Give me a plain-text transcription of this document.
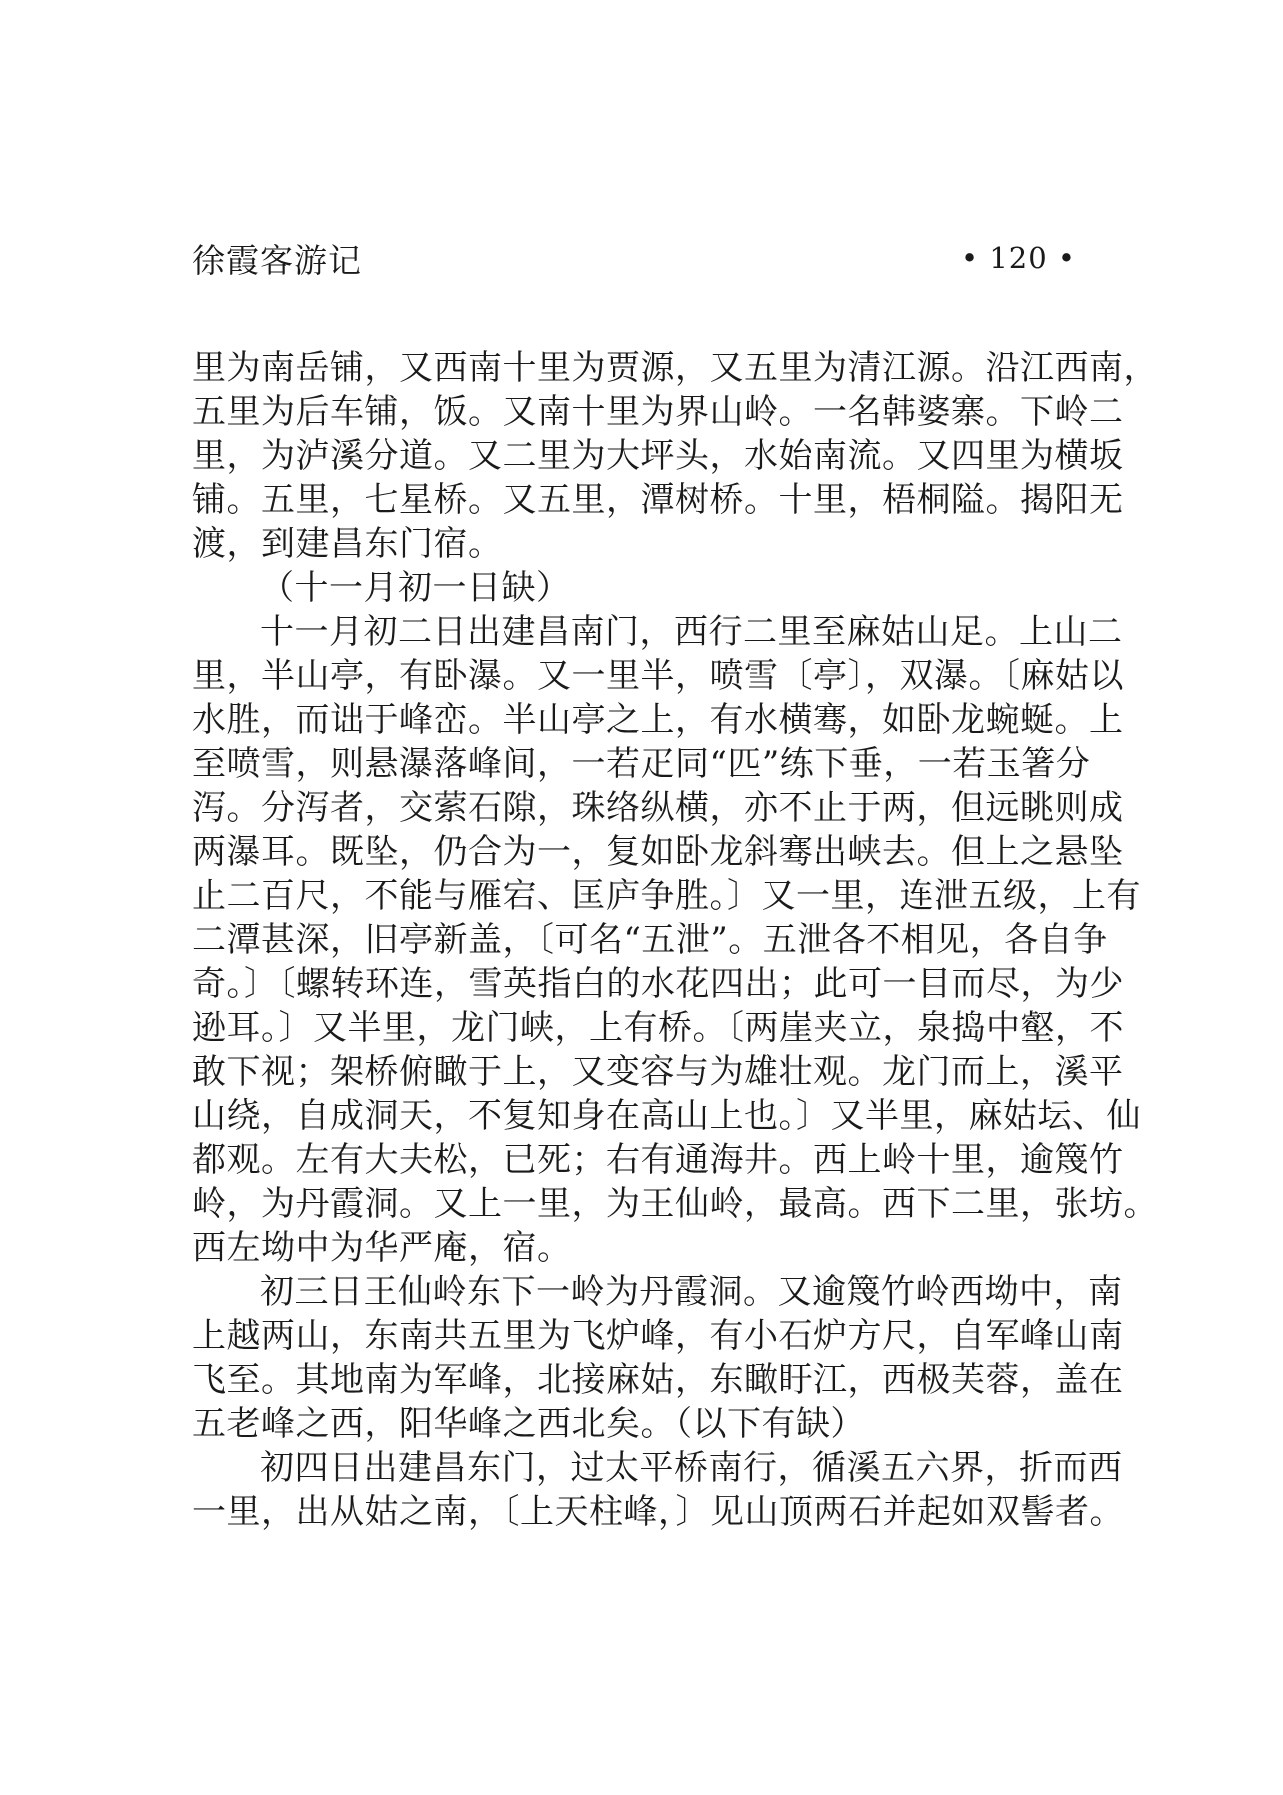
徐霞客游记	• 120 •
里为南岳铺，又西南十里为贾源，又五里为清江源。沿江西南，
五里为后车铺，饭。又南十里为界山岭。一名韩婆寨。下岭二
里，为泸溪分道。又二里为大坪头，水始南流。又四里为横坂
铺。五里，七星桥。又五里，潭树桥。十里，梧桐隘。揭阳无
渡，到建昌东门宿。
（十一月初一日缺）
十一月初二日出建昌南门，西行二里至麻姑山足。上山二
里，半山亭，有卧瀑。又一里半，喷雪〔亭〕，双瀑。〔麻姑以
水胜，而诎于峰峦。半山亭之上，有水横骞，如卧龙蜿蜒。上
至喷雪，则悬瀑落峰间，一若疋同“匹”练下垂，一若玉箸分
泻。分泻者，交萦石隙，珠络纵横，亦不止于两，但远眺则成
两瀑耳。既坠，仍合为一，复如卧龙斜骞出峡去。但上之悬坠
止二百尺，不能与雁宕、匡庐争胜。〕又一里，连泄五级，上有
二潭甚深，旧亭新盖，〔可名“五泄”。五泄各不相见，各自争
奇。〕〔螺转环连，雪英指白的水花四出；此可一目而尽，为少
逊耳。〕又半里，龙门峡，上有桥。〔两崖夹立，泉捣中壑，不
敢下视；架桥俯瞰于上，又变容与为雄壮观。龙门而上，溪平
山绕，自成洞天，不复知身在高山上也。〕又半里，麻姑坛、仙
都观。左有大夫松，已死；右有通海井。西上岭十里，逾篾竹
岭，为丹霞洞。又上一里，为王仙岭，最高。西下二里，张坊。
西左坳中为华严庵，宿。
初三日王仙岭东下一岭为丹霞洞。又逾篾竹岭西坳中，南
上越两山，东南共五里为飞炉峰，有小石炉方尺，自军峰山南
飞至。其地南为军峰，北接麻姑，东瞰盱江，西极芙蓉，盖在
五老峰之西，阳华峰之西北矣。（以下有缺）
初四日出建昌东门，过太平桥南行，循溪五六界，折而西
一里，出从姑之南，〔上天柱峰，〕见山顶两石并起如双髻者。
